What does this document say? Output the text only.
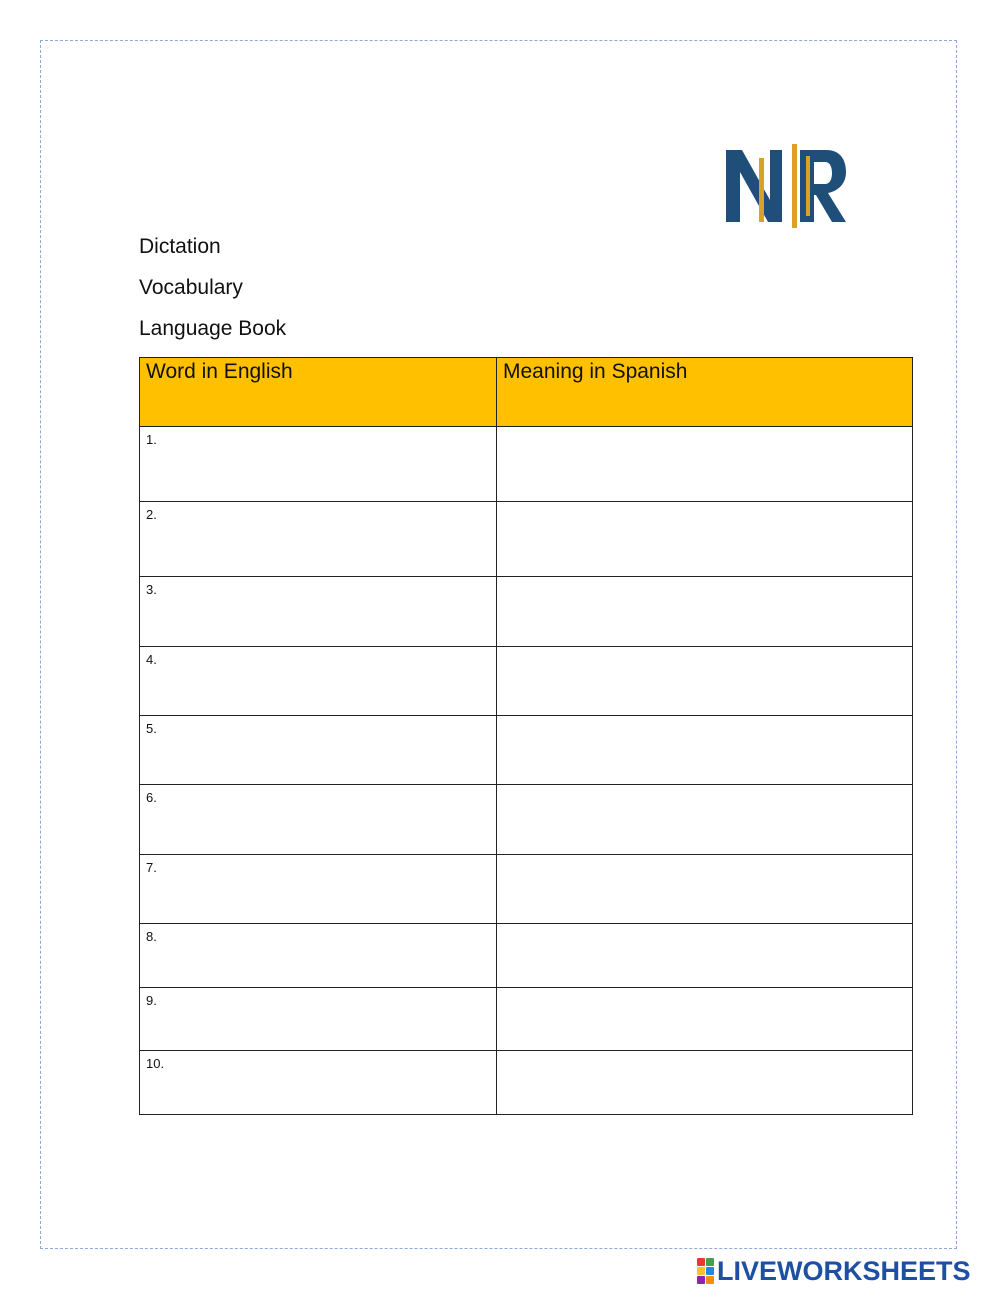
Dictation
Vocabulary
Language Book
Word in English	Meaning in Spanish
1.	
2.	
3.	
4.	
5.	
6.	
7.	
8.	
9.	
10.	
LIVEWORKSHEETS
